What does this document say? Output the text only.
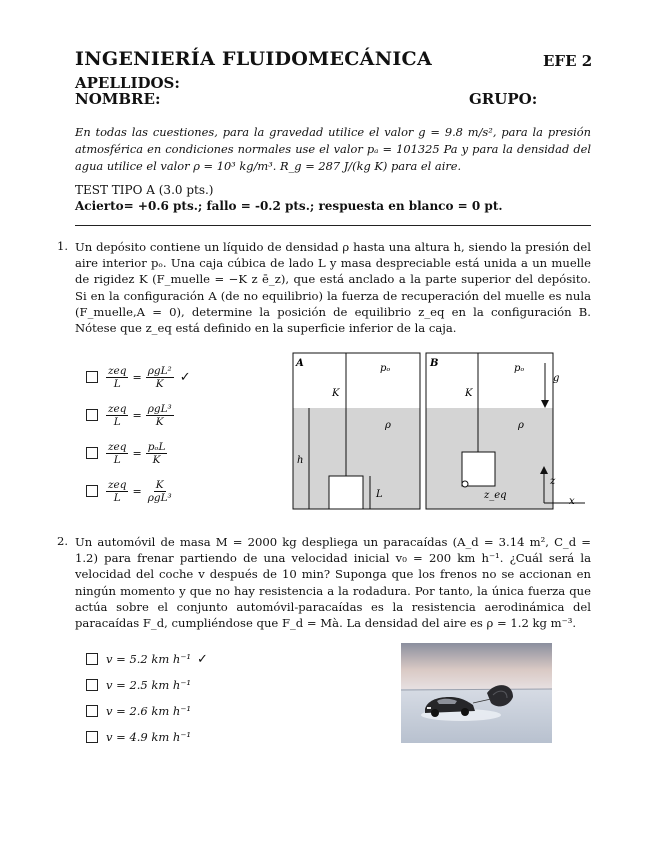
INGENIERÍA FLUIDOMECÁNICA	EFE 2
APELLIDOS:
NOMBRE:	GRUPO:
En todas las cuestiones, para la gravedad utilice el valor g = 9.8 m/s², para la presión atmosférica en condiciones normales use el valor pₐ = 101325 Pa y para la densidad del agua utilice el valor ρ = 10³ kg/m³. R_g = 287 J/(kg K) para el aire.
TEST TIPO A (3.0 pts.)
Acierto= +0.6 pts.; fallo = -0.2 pts.; respuesta en blanco = 0 pt.
1. Un depósito contiene un líquido de densidad ρ hasta una altura h, siendo la presión del aire interior pₒ. Una caja cúbica de lado L y masa despreciable está unida a un muelle de rigidez K (F_muelle = −K z ē_z), que está anclado a la parte superior del depósito. Si en la configuración A (de no equilibrio) la fuerza de recuperación del muelle es nula (F_muelle,A = 0), determine la posición de equilibrio z_eq en la configuración B. Nótese que z_eq está definido en la superficie inferior de la caja.
$\frac{\text{zeq}}{L} = \frac{\text{ρgL²}}{K}$ ✓
$\frac{\text{zeq}}{L} = \frac{\text{ρgL³}}{K}$
$\frac{\text{zeq}}{L} = \frac{\text{pₒL}}{K}$
$\frac{\text{zeq}}{L} = \frac{K}{\text{ρgL³}}$
A	pₒ
K
ρ
h
L
B	pₒ
K
ρ
z_eq
g
z
x
2. Un automóvil de masa M = 2000 kg despliega un paracaídas (A_d = 3.14 m², C_d = 1.2) para frenar partiendo de una velocidad inicial v₀ = 200 km h⁻¹. ¿Cuál será la velocidad del coche v después de 10 min? Suponga que los frenos no se accionan en ningún momento y que no hay resistencia a la rodadura. Por tanto, la única fuerza que actúa sobre el conjunto automóvil-paracaídas es la resistencia aerodinámica del paracaídas F_d, cumpliéndose que F_d = Mà. La densidad del aire es ρ = 1.2 kg m⁻³.
v = 5.2 km h⁻¹ ✓
v = 2.5 km h⁻¹
v = 2.6 km h⁻¹
v = 4.9 km h⁻¹
